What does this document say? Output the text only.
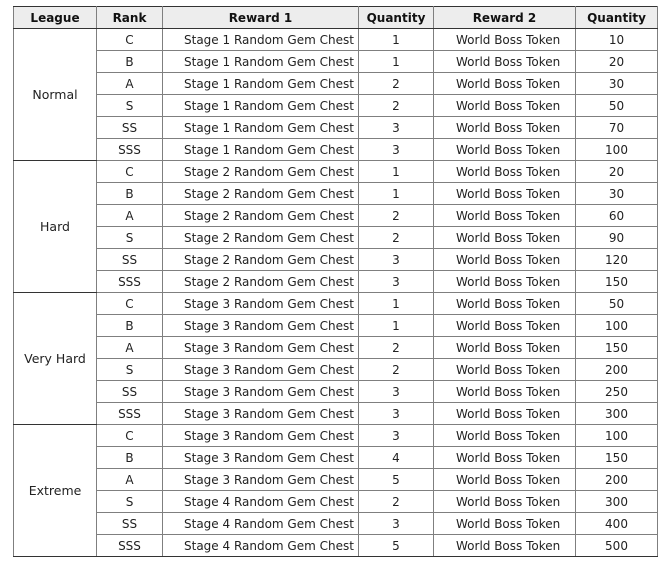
League	Rank	Reward 1	Quantity	Reward 2	Quantity
Normal	C	Stage 1 Random Gem Chest	1	World Boss Token	10
	B	Stage 1 Random Gem Chest	1	World Boss Token	20
	A	Stage 1 Random Gem Chest	2	World Boss Token	30
	S	Stage 1 Random Gem Chest	2	World Boss Token	50
	SS	Stage 1 Random Gem Chest	3	World Boss Token	70
	SSS	Stage 1 Random Gem Chest	3	World Boss Token	100
Hard	C	Stage 2 Random Gem Chest	1	World Boss Token	20
	B	Stage 2 Random Gem Chest	1	World Boss Token	30
	A	Stage 2 Random Gem Chest	2	World Boss Token	60
	S	Stage 2 Random Gem Chest	2	World Boss Token	90
	SS	Stage 2 Random Gem Chest	3	World Boss Token	120
	SSS	Stage 2 Random Gem Chest	3	World Boss Token	150
Very Hard	C	Stage 3 Random Gem Chest	1	World Boss Token	50
	B	Stage 3 Random Gem Chest	1	World Boss Token	100
	A	Stage 3 Random Gem Chest	2	World Boss Token	150
	S	Stage 3 Random Gem Chest	2	World Boss Token	200
	SS	Stage 3 Random Gem Chest	3	World Boss Token	250
	SSS	Stage 3 Random Gem Chest	3	World Boss Token	300
Extreme	C	Stage 3 Random Gem Chest	3	World Boss Token	100
	B	Stage 3 Random Gem Chest	4	World Boss Token	150
	A	Stage 3 Random Gem Chest	5	World Boss Token	200
	S	Stage 4 Random Gem Chest	2	World Boss Token	300
	SS	Stage 4 Random Gem Chest	3	World Boss Token	400
	SSS	Stage 4 Random Gem Chest	5	World Boss Token	500
